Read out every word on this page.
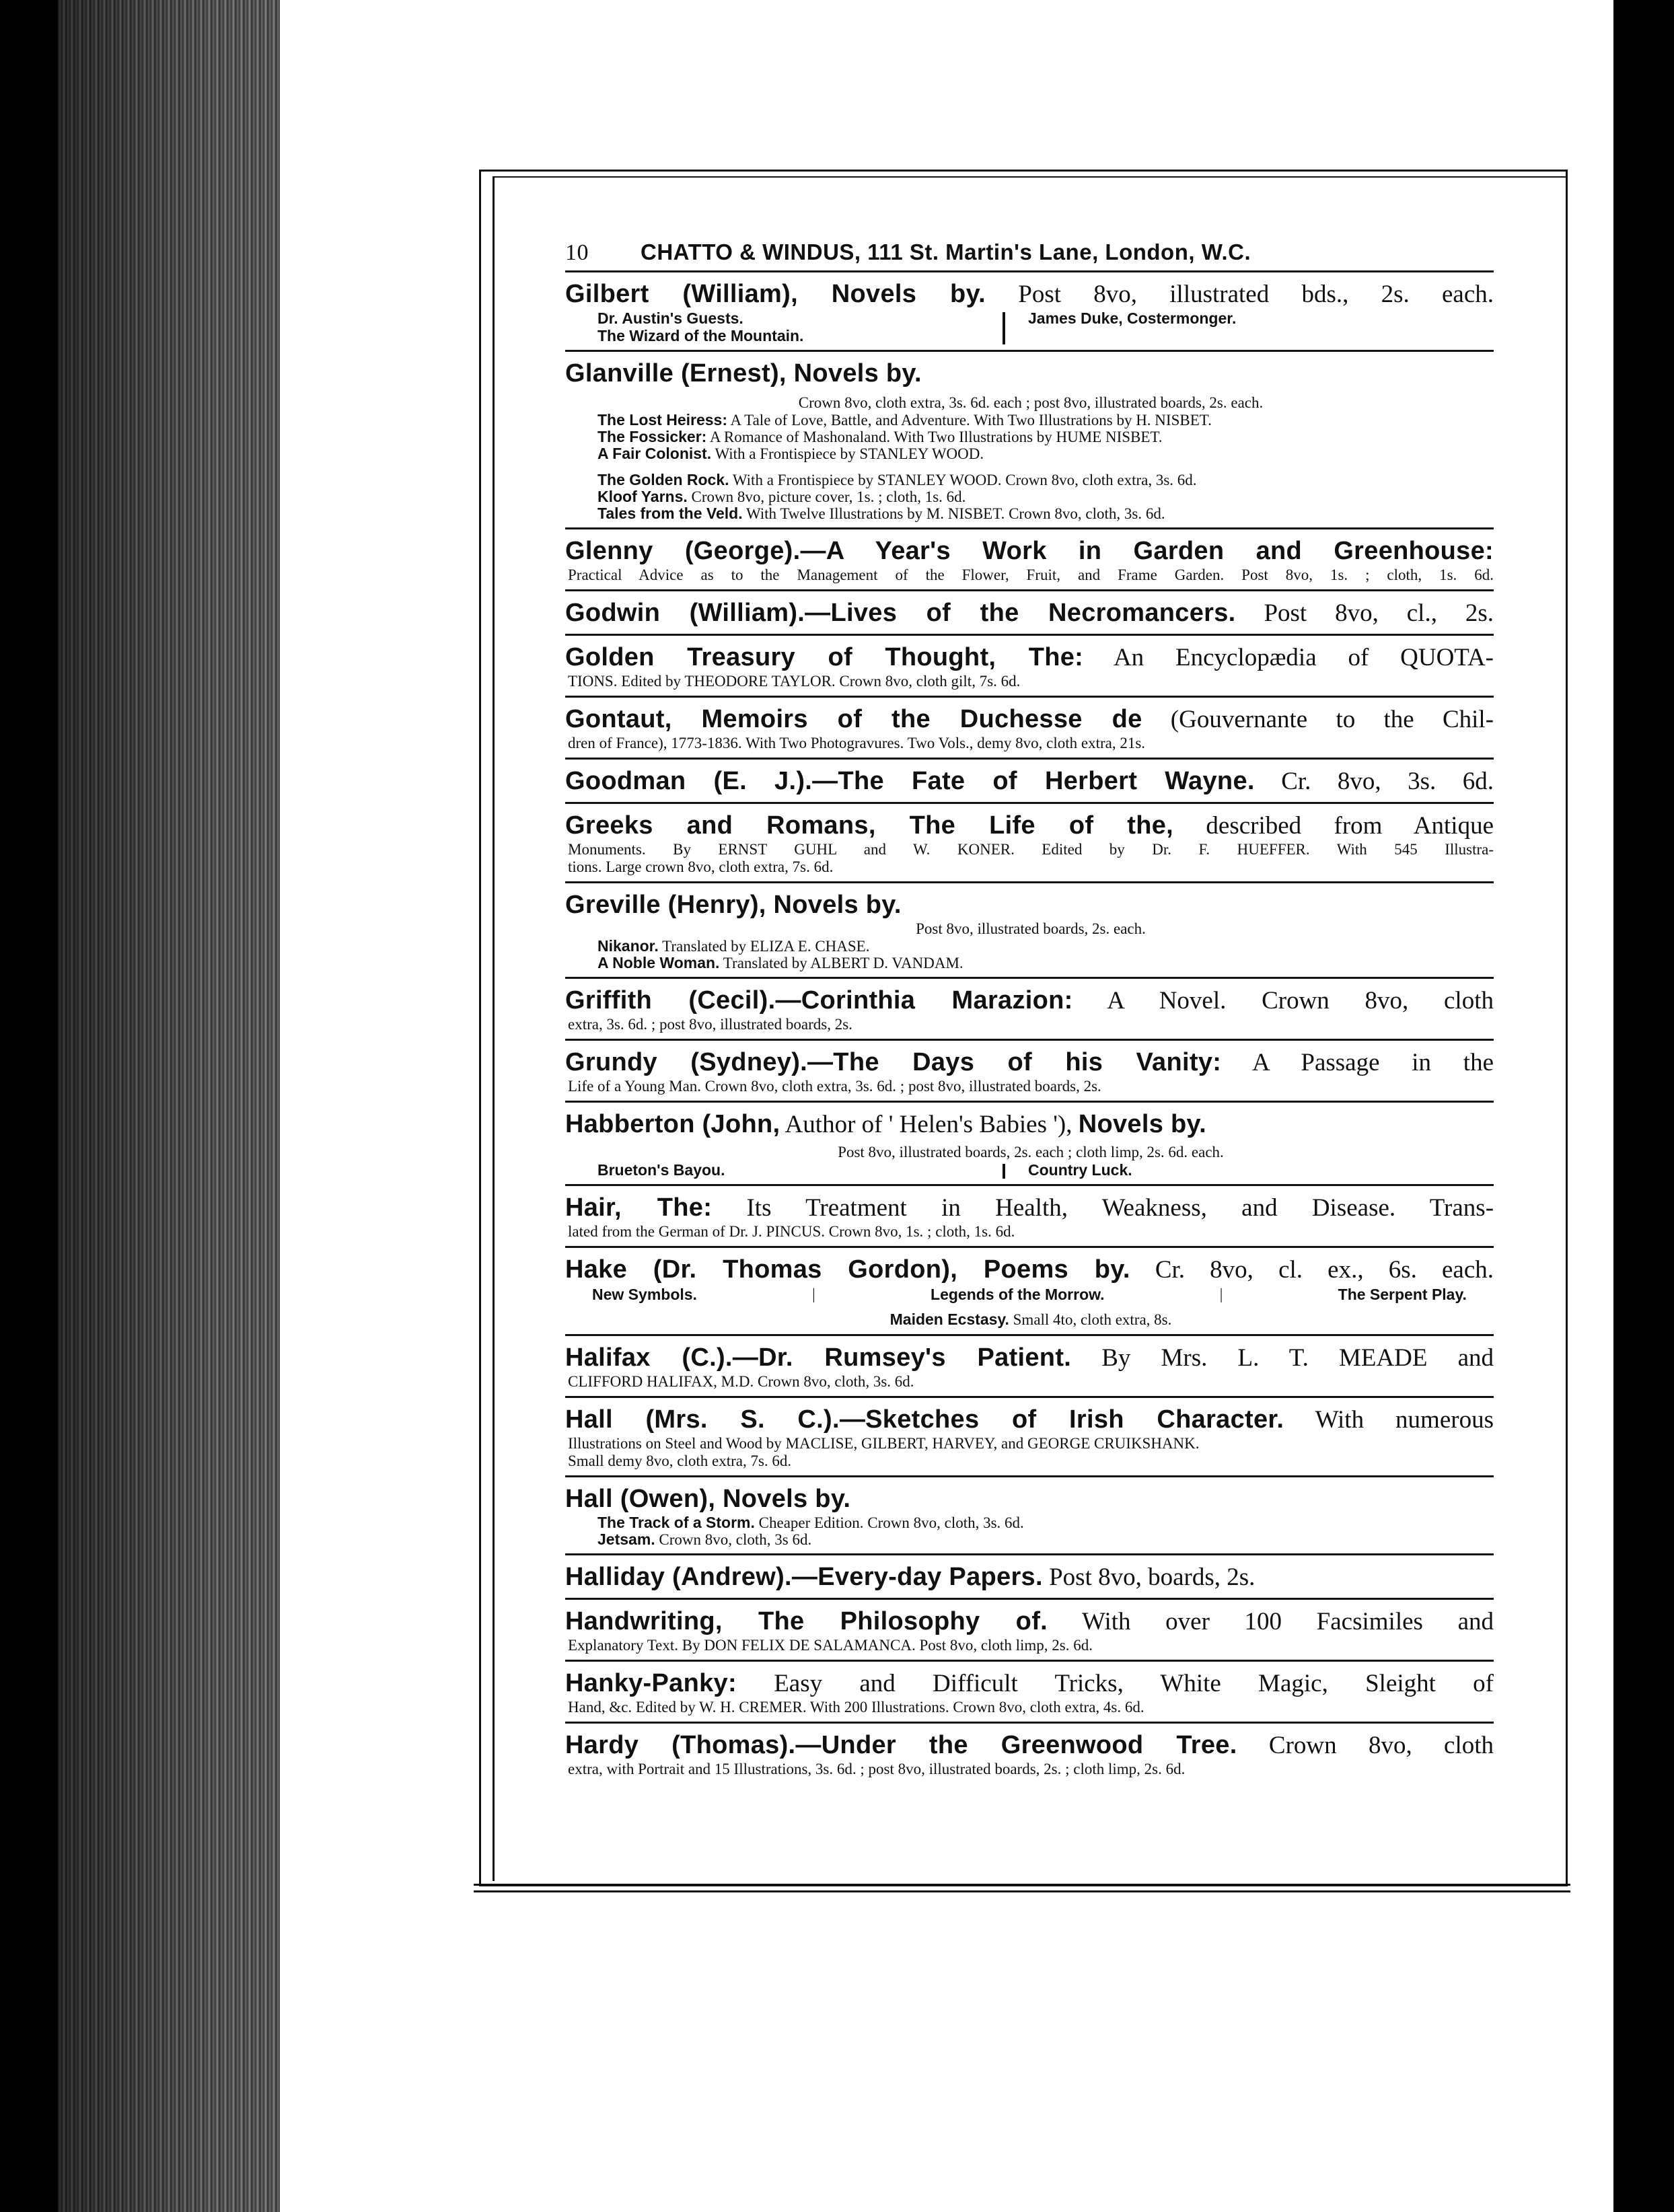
10	CHATTO & WINDUS, 111 St. Martin's Lane, London, W.C.
Gilbert (William), Novels by. Post 8vo, illustrated bds., 2s. each.
Dr. Austin's Guests.
The Wizard of the Mountain.
James Duke, Costermonger.
Glanville (Ernest), Novels by.
Crown 8vo, cloth extra, 3s. 6d. each ; post 8vo, illustrated boards, 2s. each.
The Lost Heiress: A Tale of Love, Battle, and Adventure. With Two Illustrations by H. NISBET.
The Fossicker: A Romance of Mashonaland. With Two Illustrations by HUME NISBET.
A Fair Colonist. With a Frontispiece by STANLEY WOOD.
The Golden Rock. With a Frontispiece by STANLEY WOOD. Crown 8vo, cloth extra, 3s. 6d.
Kloof Yarns. Crown 8vo, picture cover, 1s. ; cloth, 1s. 6d.
Tales from the Veld. With Twelve Illustrations by M. NISBET. Crown 8vo, cloth, 3s. 6d.
Glenny (George).—A Year's Work in Garden and Greenhouse:
Practical Advice as to the Management of the Flower, Fruit, and Frame Garden. Post 8vo, 1s. ; cloth, 1s. 6d.
Godwin (William).—Lives of the Necromancers. Post 8vo, cl., 2s.
Golden Treasury of Thought, The: An Encyclopædia of QUOTA-
TIONS. Edited by THEODORE TAYLOR. Crown 8vo, cloth gilt, 7s. 6d.
Gontaut, Memoirs of the Duchesse de (Gouvernante to the Chil-
dren of France), 1773-1836. With Two Photogravures. Two Vols., demy 8vo, cloth extra, 21s.
Goodman (E. J.).—The Fate of Herbert Wayne. Cr. 8vo, 3s. 6d.
Greeks and Romans, The Life of the, described from Antique
Monuments. By ERNST GUHL and W. KONER. Edited by Dr. F. HUEFFER. With 545 Illustra-
tions. Large crown 8vo, cloth extra, 7s. 6d.
Greville (Henry), Novels by.
Post 8vo, illustrated boards, 2s. each.
Nikanor. Translated by ELIZA E. CHASE.
A Noble Woman. Translated by ALBERT D. VANDAM.
Griffith (Cecil).—Corinthia Marazion: A Novel. Crown 8vo, cloth
extra, 3s. 6d. ; post 8vo, illustrated boards, 2s.
Grundy (Sydney).—The Days of his Vanity: A Passage in the
Life of a Young Man. Crown 8vo, cloth extra, 3s. 6d. ; post 8vo, illustrated boards, 2s.
Habberton (John, Author of ' Helen's Babies '), Novels by.
Post 8vo, illustrated boards, 2s. each ; cloth limp, 2s. 6d. each.
Brueton's Bayou.	Country Luck.
Hair, The: Its Treatment in Health, Weakness, and Disease. Trans-
lated from the German of Dr. J. PINCUS. Crown 8vo, 1s. ; cloth, 1s. 6d.
Hake (Dr. Thomas Gordon), Poems by. Cr. 8vo, cl. ex., 6s. each.
New Symbols.	|	Legends of the Morrow.	|	The Serpent Play.
Maiden Ecstasy. Small 4to, cloth extra, 8s.
Halifax (C.).—Dr. Rumsey's Patient. By Mrs. L. T. MEADE and
CLIFFORD HALIFAX, M.D. Crown 8vo, cloth, 3s. 6d.
Hall (Mrs. S. C.).—Sketches of Irish Character. With numerous
Illustrations on Steel and Wood by MACLISE, GILBERT, HARVEY, and GEORGE CRUIKSHANK.
Small demy 8vo, cloth extra, 7s. 6d.
Hall (Owen), Novels by.
The Track of a Storm. Cheaper Edition. Crown 8vo, cloth, 3s. 6d.
Jetsam. Crown 8vo, cloth, 3s 6d.
Halliday (Andrew).—Every-day Papers. Post 8vo, boards, 2s.
Handwriting, The Philosophy of. With over 100 Facsimiles and
Explanatory Text. By DON FELIX DE SALAMANCA. Post 8vo, cloth limp, 2s. 6d.
Hanky-Panky: Easy and Difficult Tricks, White Magic, Sleight of
Hand, &c. Edited by W. H. CREMER. With 200 Illustrations. Crown 8vo, cloth extra, 4s. 6d.
Hardy (Thomas).—Under the Greenwood Tree. Crown 8vo, cloth
extra, with Portrait and 15 Illustrations, 3s. 6d. ; post 8vo, illustrated boards, 2s. ; cloth limp, 2s. 6d.
